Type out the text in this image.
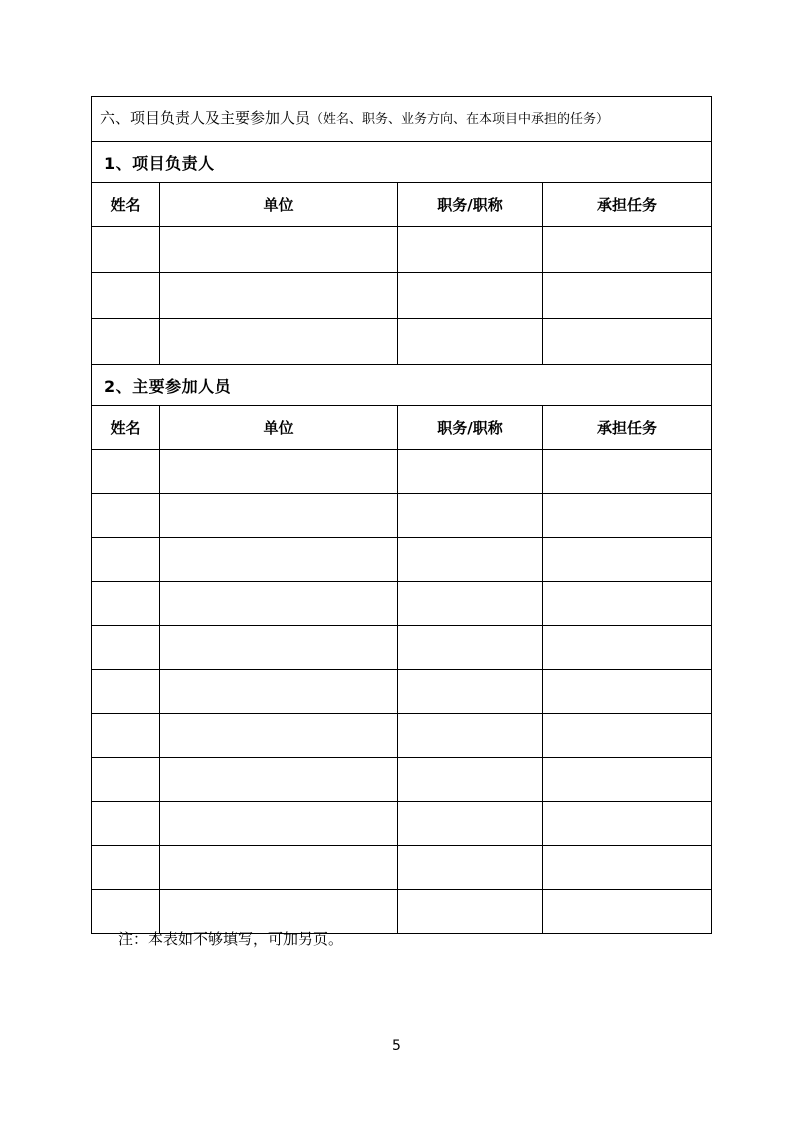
六、项目负责人及主要参加人员（姓名、职务、业务方向、在本项目中承担的任务）			
1、项目负责人			
姓名	单位	职务/职称	承担任务

2、主要参加人员			
姓名	单位	职务/职称	承担任务

注：本表如不够填写，可加另页。
5
